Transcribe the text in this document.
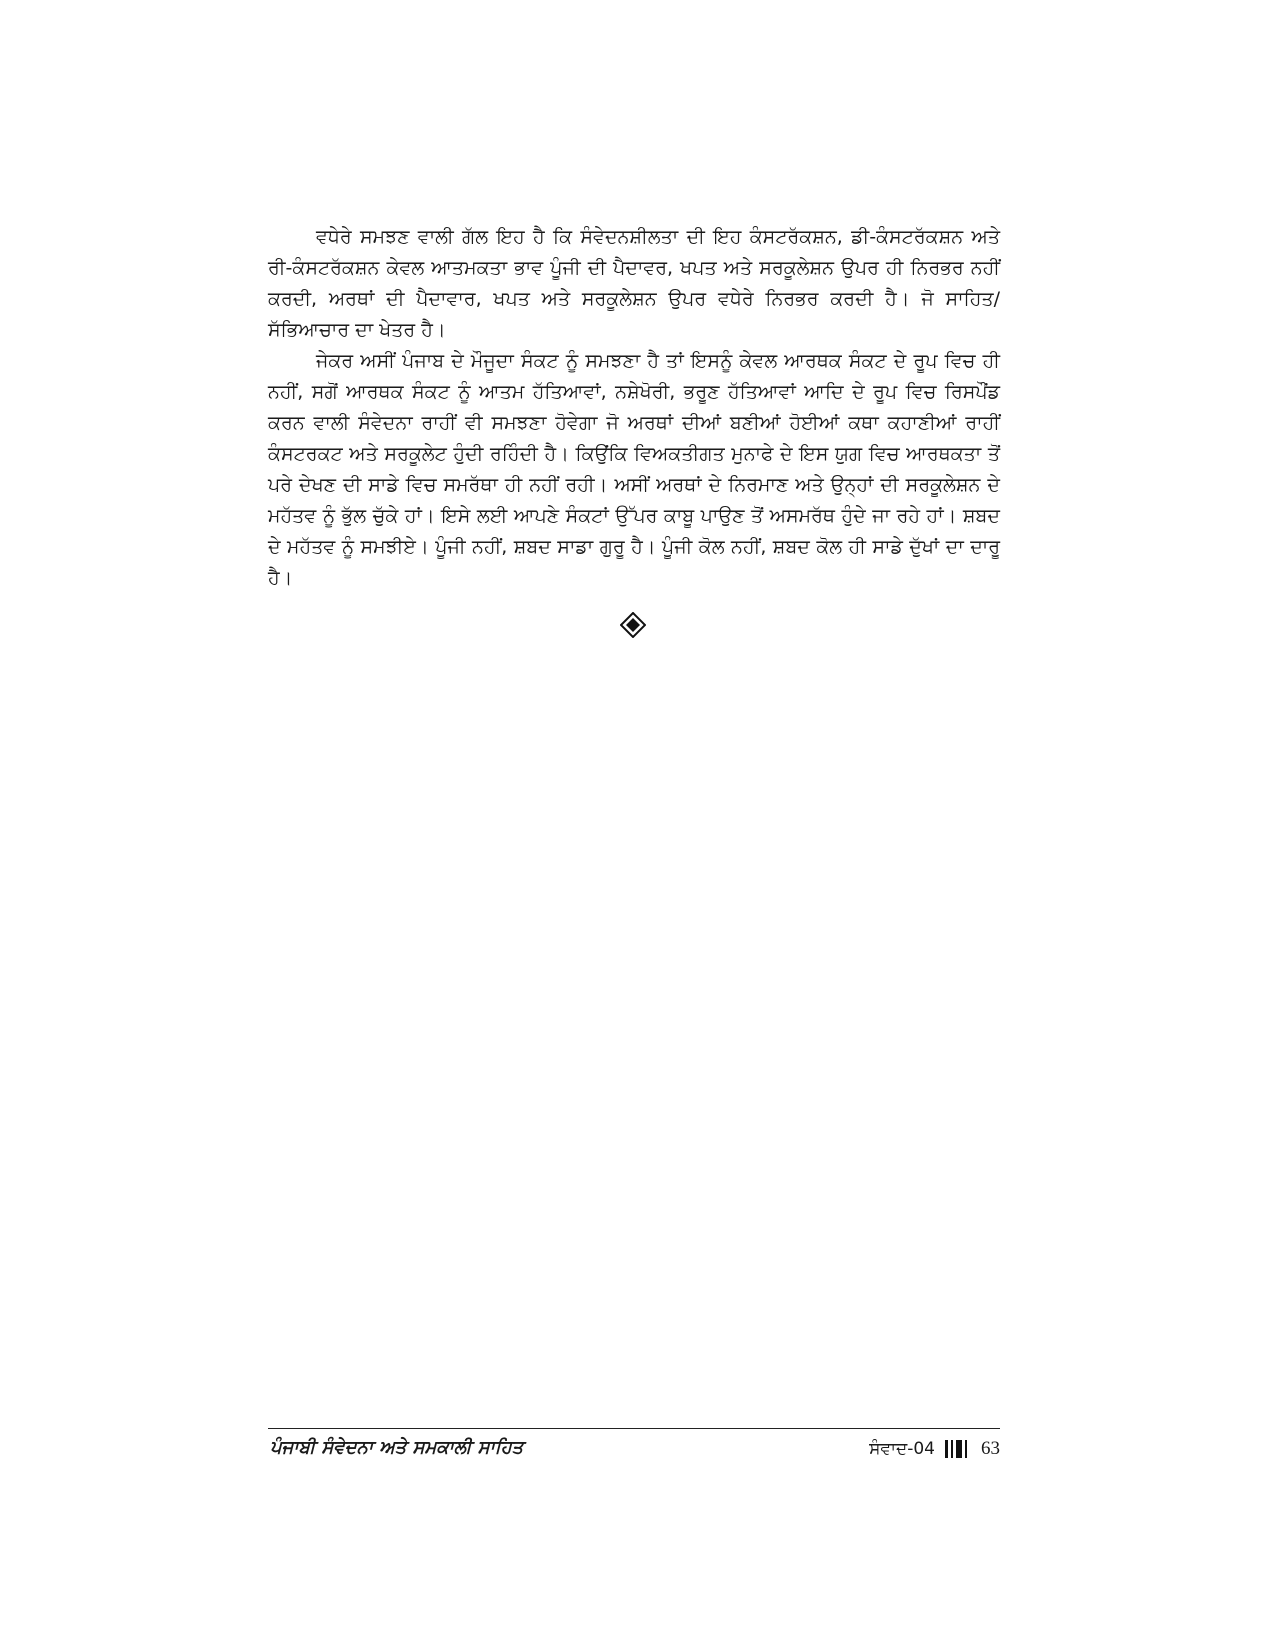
ਵਧੇਰੇ ਸਮਝਣ ਵਾਲੀ ਗੱਲ ਇਹ ਹੈ ਕਿ ਸੰਵੇਦਨਸ਼ੀਲਤਾ ਦੀ ਇਹ ਕੰਸਟਰੱਕਸ਼ਨ, ਡੀ-ਕੰਸਟਰੱਕਸ਼ਨ ਅਤੇ ਰੀ-ਕੰਸਟਰੱਕਸ਼ਨ ਕੇਵਲ ਆਤਮਕਤਾ ਭਾਵ ਪੂੰਜੀ ਦੀ ਪੈਦਾਵਰ, ਖਪਤ ਅਤੇ ਸਰਕੂਲੇਸ਼ਨ ਉਪਰ ਹੀ ਨਿਰਭਰ ਨਹੀਂ ਕਰਦੀ, ਅਰਥਾਂ ਦੀ ਪੈਦਾਵਾਰ, ਖਪਤ ਅਤੇ ਸਰਕੂਲੇਸ਼ਨ ਉਪਰ ਵਧੇਰੇ ਨਿਰਭਰ ਕਰਦੀ ਹੈ। ਜੋ ਸਾਹਿਤ/ਸੱਭਿਆਚਾਰ ਦਾ ਖੇਤਰ ਹੈ।

ਜੇਕਰ ਅਸੀਂ ਪੰਜਾਬ ਦੇ ਮੌਜੂਦਾ ਸੰਕਟ ਨੂੰ ਸਮਝਣਾ ਹੈ ਤਾਂ ਇਸਨੂੰ ਕੇਵਲ ਆਰਥਕ ਸੰਕਟ ਦੇ ਰੂਪ ਵਿਚ ਹੀ ਨਹੀਂ, ਸਗੋਂ ਆਰਥਕ ਸੰਕਟ ਨੂੰ ਆਤਮ ਹੱਤਿਆਵਾਂ, ਨਸ਼ੇਖੋਰੀ, ਭਰੂਣ ਹੱਤਿਆਵਾਂ ਆਦਿ ਦੇ ਰੂਪ ਵਿਚ ਰਿਸਪੌਂਡ ਕਰਨ ਵਾਲੀ ਸੰਵੇਦਨਾ ਰਾਹੀਂ ਵੀ ਸਮਝਣਾ ਹੋਵੇਗਾ ਜੋ ਅਰਥਾਂ ਦੀਆਂ ਬਣੀਆਂ ਹੋਈਆਂ ਕਥਾ ਕਹਾਣੀਆਂ ਰਾਹੀਂ ਕੰਸਟਰਕਟ ਅਤੇ ਸਰਕੂਲੇਟ ਹੁੰਦੀ ਰਹਿੰਦੀ ਹੈ। ਕਿਉਂਕਿ ਵਿਅਕਤੀਗਤ ਮੁਨਾਫੇ ਦੇ ਇਸ ਯੁਗ ਵਿਚ ਆਰਥਕਤਾ ਤੋਂ ਪਰੇ ਦੇਖਣ ਦੀ ਸਾਡੇ ਵਿਚ ਸਮਰੱਥਾ ਹੀ ਨਹੀਂ ਰਹੀ। ਅਸੀਂ ਅਰਥਾਂ ਦੇ ਨਿਰਮਾਣ ਅਤੇ ਉਨ੍ਹਾਂ ਦੀ ਸਰਕੂਲੇਸ਼ਨ ਦੇ ਮਹੱਤਵ ਨੂੰ ਭੁੱਲ ਚੁੱਕੇ ਹਾਂ। ਇਸੇ ਲਈ ਆਪਣੇ ਸੰਕਟਾਂ ਉੱਪਰ ਕਾਬੂ ਪਾਉਣ ਤੋਂ ਅਸਮਰੱਥ ਹੁੰਦੇ ਜਾ ਰਹੇ ਹਾਂ। ਸ਼ਬਦ ਦੇ ਮਹੱਤਵ ਨੂੰ ਸਮਝੀਏ। ਪੂੰਜੀ ਨਹੀਂ, ਸ਼ਬਦ ਸਾਡਾ ਗੁਰੂ ਹੈ। ਪੂੰਜੀ ਕੋਲ ਨਹੀਂ, ਸ਼ਬਦ ਕੋਲ ਹੀ ਸਾਡੇ ਦੁੱਖਾਂ ਦਾ ਦਾਰੂ ਹੈ।

ਪੰਜਾਬੀ ਸੰਵੇਦਨਾ ਅਤੇ ਸਮਕਾਲੀ ਸਾਹਿਤ	ਸੰਵਾਦ-04 63
